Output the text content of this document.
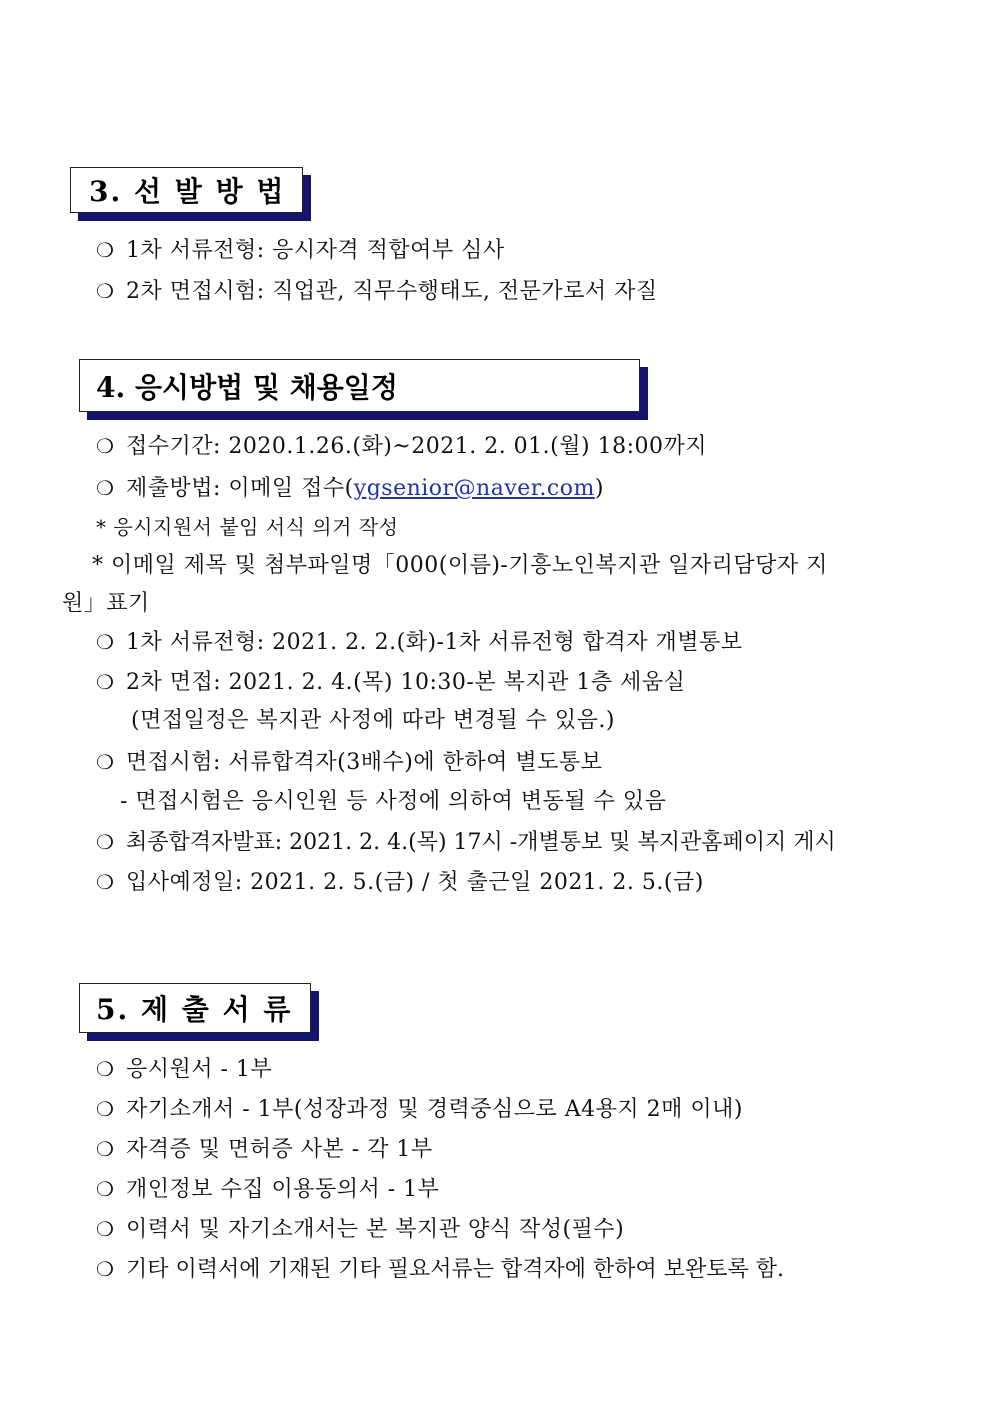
3. 선 발 방 법
❍ 1차 서류전형: 응시자격 적합여부 심사
❍ 2차 면접시험: 직업관, 직무수행태도, 전문가로서 자질
4. 응시방법 및 채용일정
❍ 접수기간: 2020.1.26.(화)~2021. 2. 01.(월) 18:00까지
❍ 제출방법: 이메일 접수(ygsenior@naver.com)
* 응시지원서 붙임 서식 의거 작성
* 이메일 제목 및 첨부파일명「000(이름)-기흥노인복지관 일자리담당자 지
원」표기
❍ 1차 서류전형: 2021. 2. 2.(화)-1차 서류전형 합격자 개별통보
❍ 2차 면접: 2021. 2. 4.(목) 10:30-본 복지관 1층 세움실
(면접일정은 복지관 사정에 따라 변경될 수 있음.)
❍ 면접시험: 서류합격자(3배수)에 한하여 별도통보
- 면접시험은 응시인원 등 사정에 의하여 변동될 수 있음
❍ 최종합격자발표: 2021. 2. 4.(목) 17시 -개별통보 및 복지관홈페이지 게시
❍ 입사예정일: 2021. 2. 5.(금) / 첫 출근일 2021. 2. 5.(금)
5. 제 출 서 류
❍ 응시원서 - 1부
❍ 자기소개서 - 1부(성장과정 및 경력중심으로 A4용지 2매 이내)
❍ 자격증 및 면허증 사본 - 각 1부
❍ 개인정보 수집 이용동의서 - 1부
❍ 이력서 및 자기소개서는 본 복지관 양식 작성(필수)
❍ 기타 이력서에 기재된 기타 필요서류는 합격자에 한하여 보완토록 함.
